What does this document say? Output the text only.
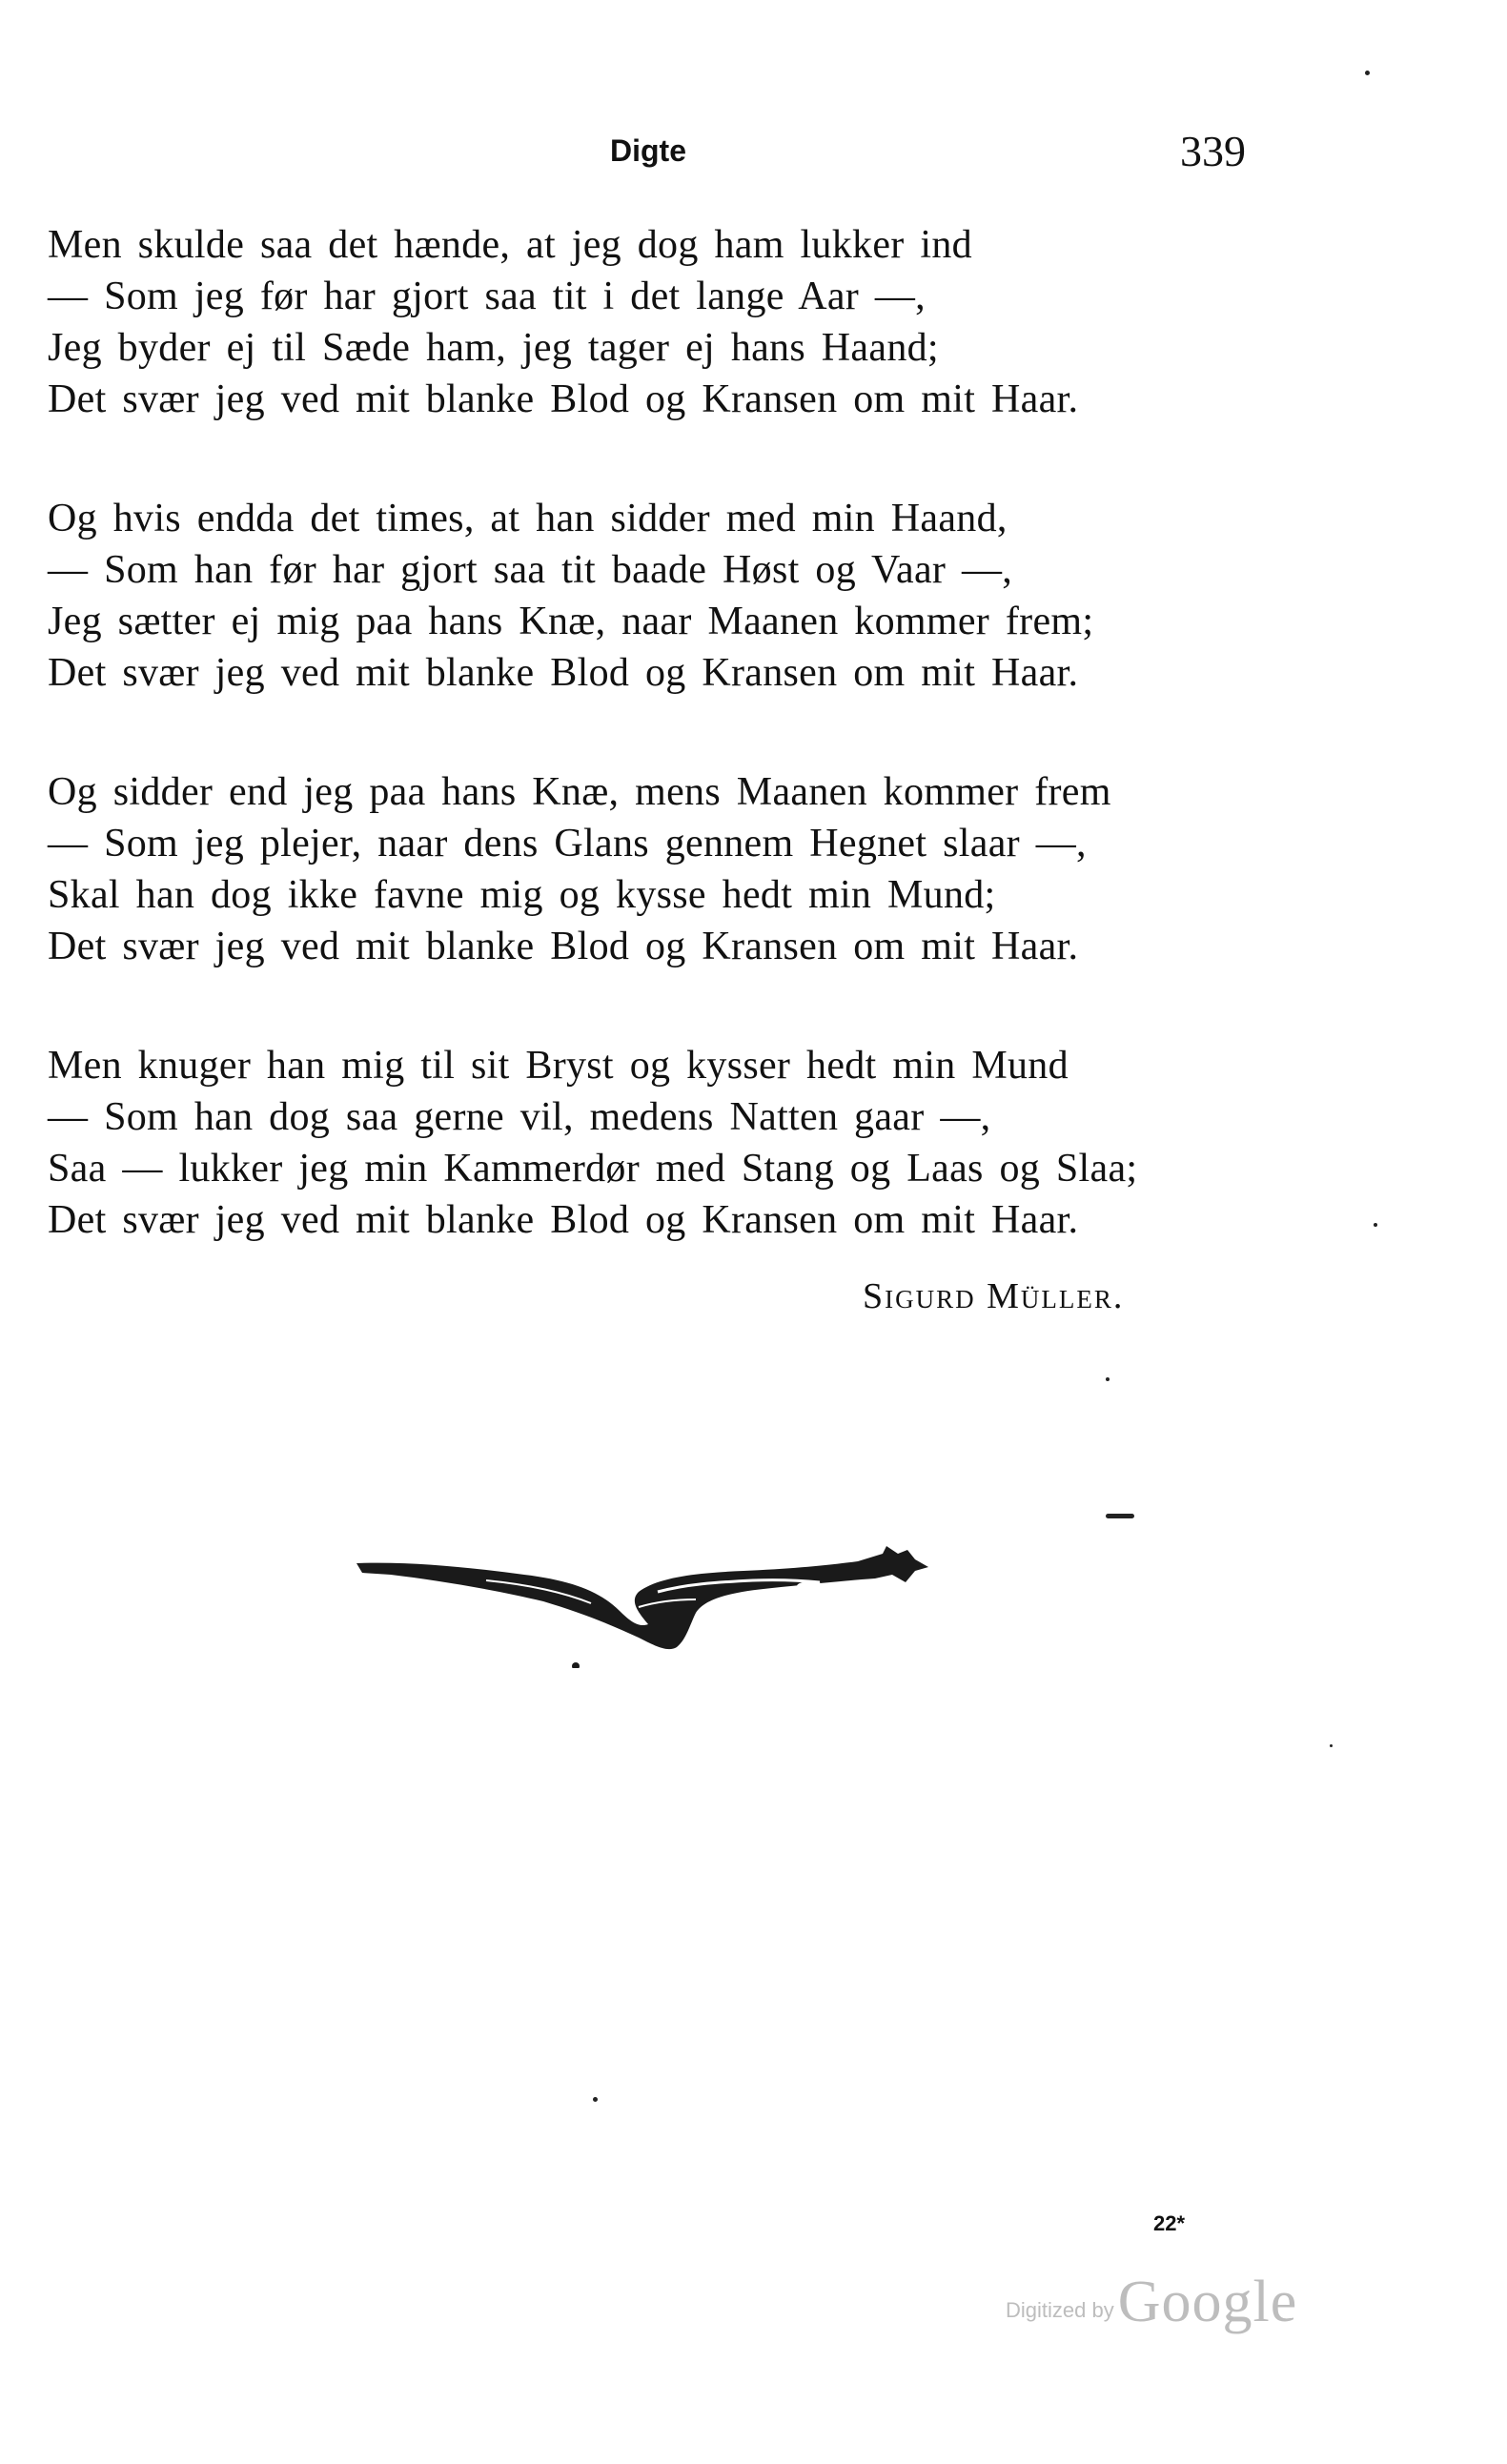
Digte	339
Men skulde saa det hænde, at jeg dog ham lukker ind
— Som jeg før har gjort saa tit i det lange Aar —,
Jeg byder ej til Sæde ham, jeg tager ej hans Haand;
Det svær jeg ved mit blanke Blod og Kransen om mit Haar.
Og hvis endda det times, at han sidder med min Haand,
— Som han før har gjort saa tit baade Høst og Vaar —,
Jeg sætter ej mig paa hans Knæ, naar Maanen kommer frem;
Det svær jeg ved mit blanke Blod og Kransen om mit Haar.
Og sidder end jeg paa hans Knæ, mens Maanen kommer frem
— Som jeg plejer, naar dens Glans gennem Hegnet slaar —,
Skal han dog ikke favne mig og kysse hedt min Mund;
Det svær jeg ved mit blanke Blod og Kransen om mit Haar.
Men knuger han mig til sit Bryst og kysser hedt min Mund
— Som han dog saa gerne vil, medens Natten gaar —,
Saa — lukker jeg min Kammerdør med Stang og Laas og Slaa;
Det svær jeg ved mit blanke Blod og Kransen om mit Haar.
Sigurd Müller.
22*
Digitized by Google
